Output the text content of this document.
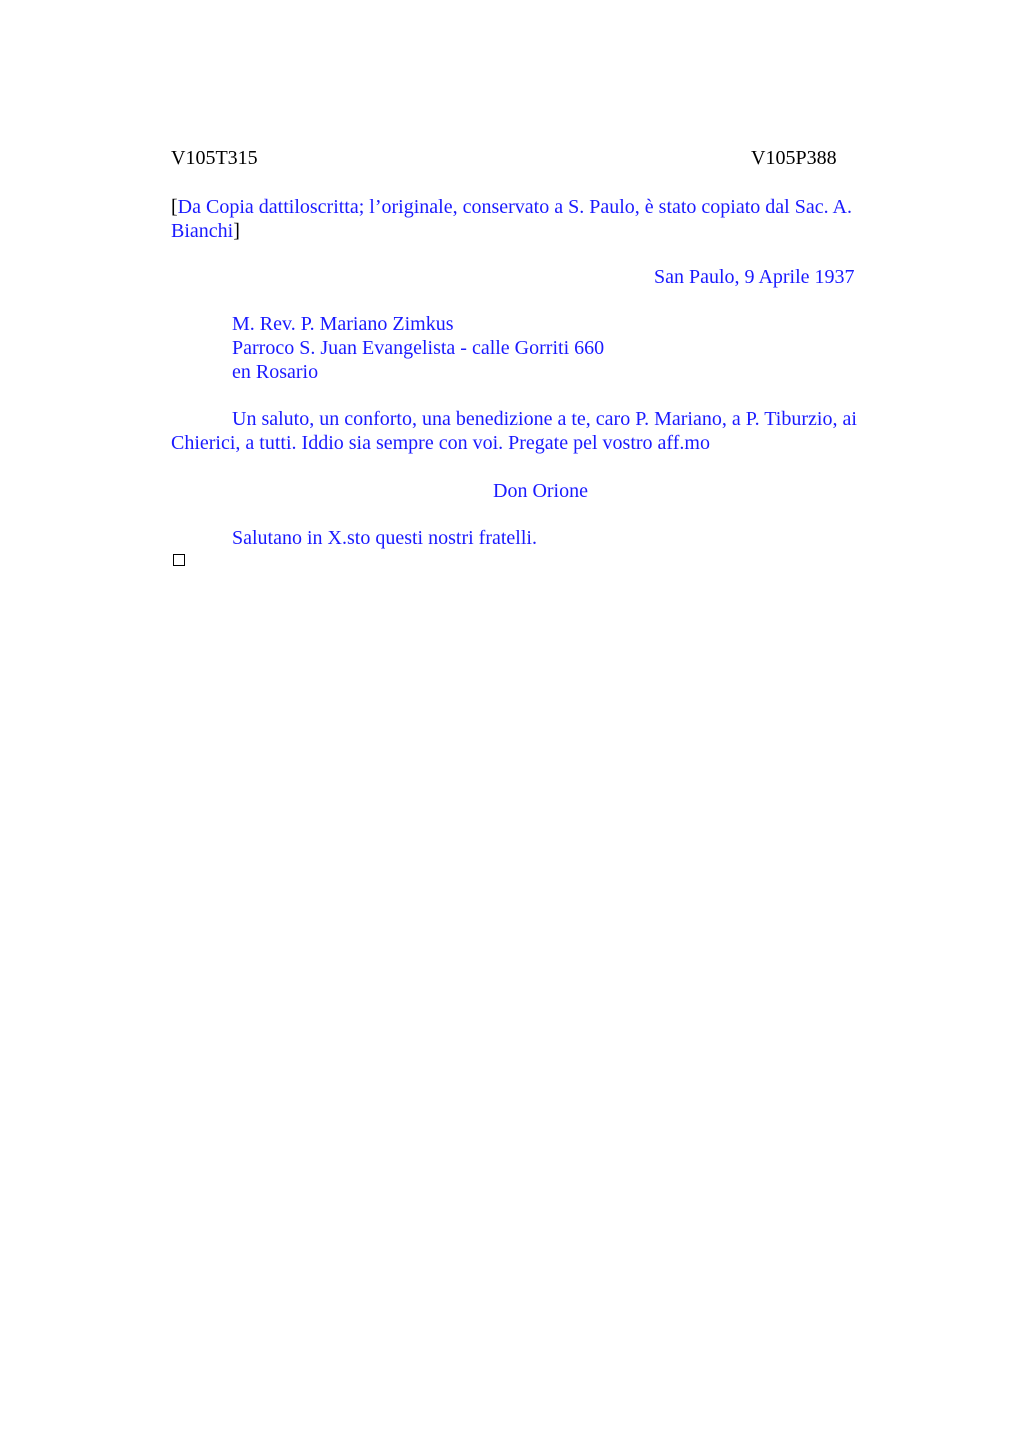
V105T315	V105P388
[Da Copia dattiloscritta; l’originale, conservato a S. Paulo, è stato copiato dal Sac. A. Bianchi]
San Paulo, 9 Aprile 1937
M. Rev. P. Mariano Zimkus
Parroco S. Juan Evangelista - calle Gorriti 660
en Rosario
Un saluto, un conforto, una benedizione a te, caro P. Mariano, a P. Tiburzio, ai Chierici, a tutti. Iddio sia sempre con voi. Pregate pel vostro aff.mo
Don Orione
Salutano in X.sto questi nostri fratelli.
